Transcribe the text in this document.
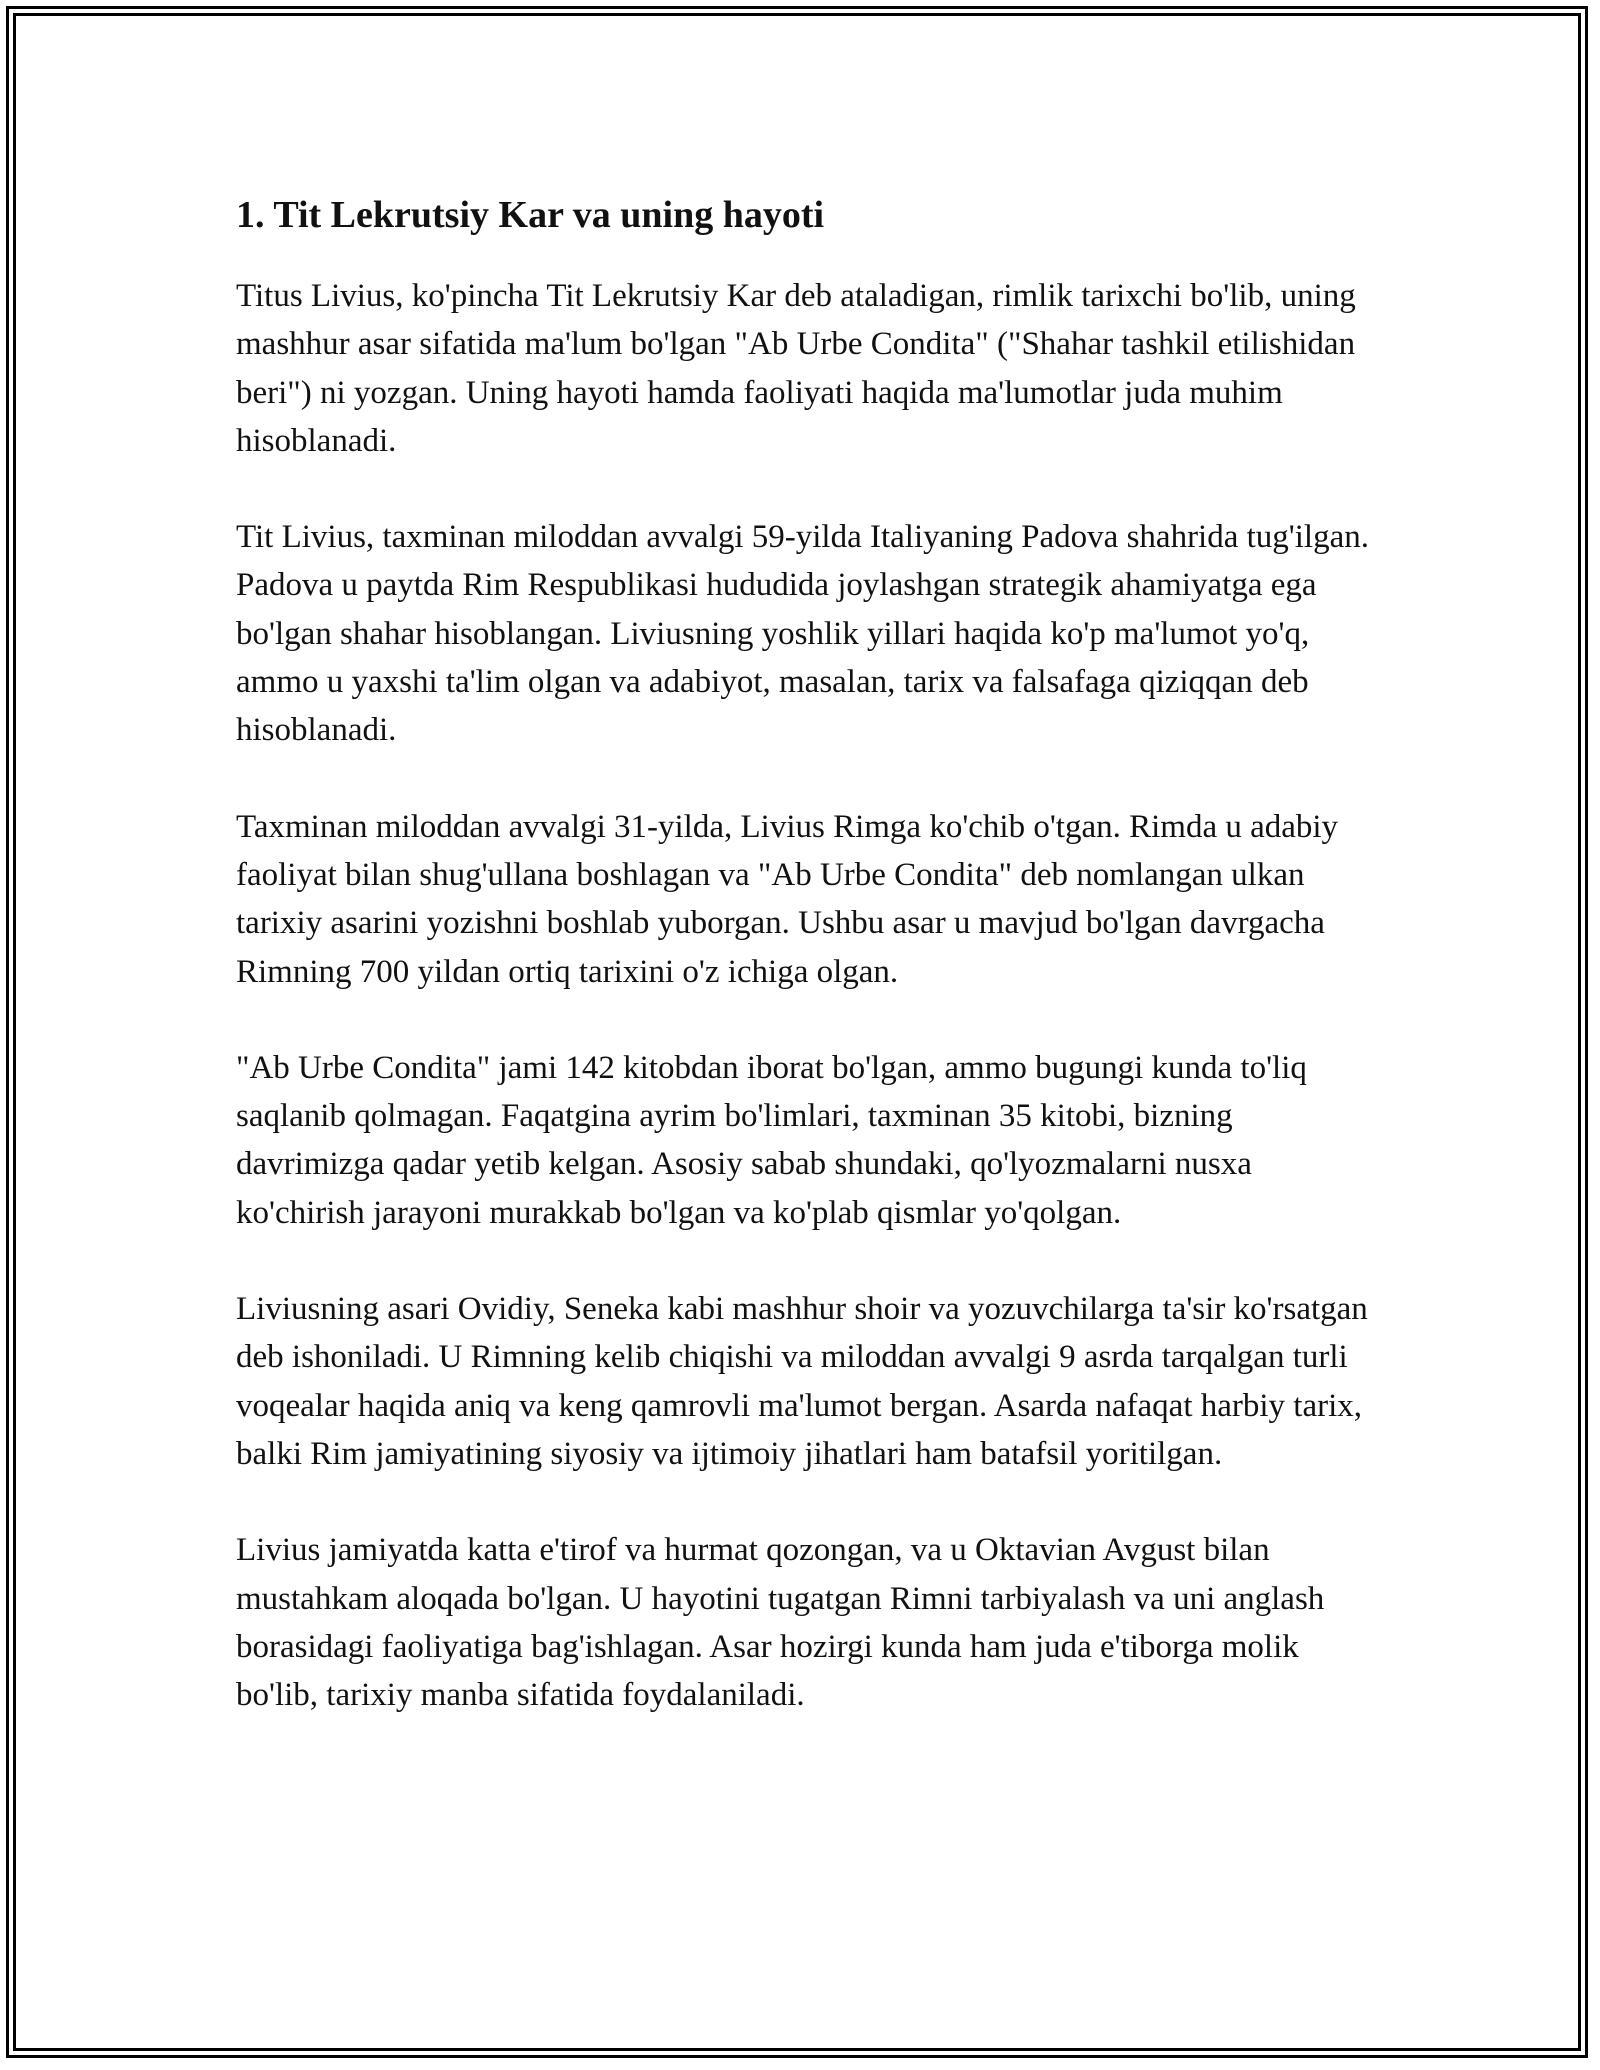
1. Tit Lekrutsiy Kar va uning hayoti

Titus Livius, ko'pincha Tit Lekrutsiy Kar deb ataladigan, rimlik tarixchi bo'lib, uning mashhur asar sifatida ma'lum bo'lgan "Ab Urbe Condita" ("Shahar tashkil etilishidan beri") ni yozgan. Uning hayoti hamda faoliyati haqida ma'lumotlar juda muhim hisoblanadi.

Tit Livius, taxminan miloddan avvalgi 59-yilda Italiyaning Padova shahrida tug'ilgan. Padova u paytda Rim Respublikasi hududida joylashgan strategik ahamiyatga ega bo'lgan shahar hisoblangan. Liviusning yoshlik yillari haqida ko'p ma'lumot yo'q, ammo u yaxshi ta'lim olgan va adabiyot, masalan, tarix va falsafaga qiziqqan deb hisoblanadi.

Taxminan miloddan avvalgi 31-yilda, Livius Rimga ko'chib o'tgan. Rimda u adabiy faoliyat bilan shug'ullana boshlagan va "Ab Urbe Condita" deb nomlangan ulkan tarixiy asarini yozishni boshlab yuborgan. Ushbu asar u mavjud bo'lgan davrgacha Rimning 700 yildan ortiq tarixini o'z ichiga olgan.

"Ab Urbe Condita" jami 142 kitobdan iborat bo'lgan, ammo bugungi kunda to'liq saqlanib qolmagan. Faqatgina ayrim bo'limlari, taxminan 35 kitobi, bizning davrimizga qadar yetib kelgan. Asosiy sabab shundaki, qo'lyozmalarni nusxa ko'chirish jarayoni murakkab bo'lgan va ko'plab qismlar yo'qolgan.

Liviusning asari Ovidiy, Seneka kabi mashhur shoir va yozuvchilarga ta'sir ko'rsatgan deb ishoniladi. U Rimning kelib chiqishi va miloddan avvalgi 9 asrda tarqalgan turli voqealar haqida aniq va keng qamrovli ma'lumot bergan. Asarda nafaqat harbiy tarix, balki Rim jamiyatining siyosiy va ijtimoiy jihatlari ham batafsil yoritilgan.

Livius jamiyatda katta e'tirof va hurmat qozongan, va u Oktavian Avgust bilan mustahkam aloqada bo'lgan. U hayotini tugatgan Rimni tarbiyalash va uni anglash borasidagi faoliyatiga bag'ishlagan. Asar hozirgi kunda ham juda e'tiborga molik bo'lib, tarixiy manba sifatida foydalaniladi.
